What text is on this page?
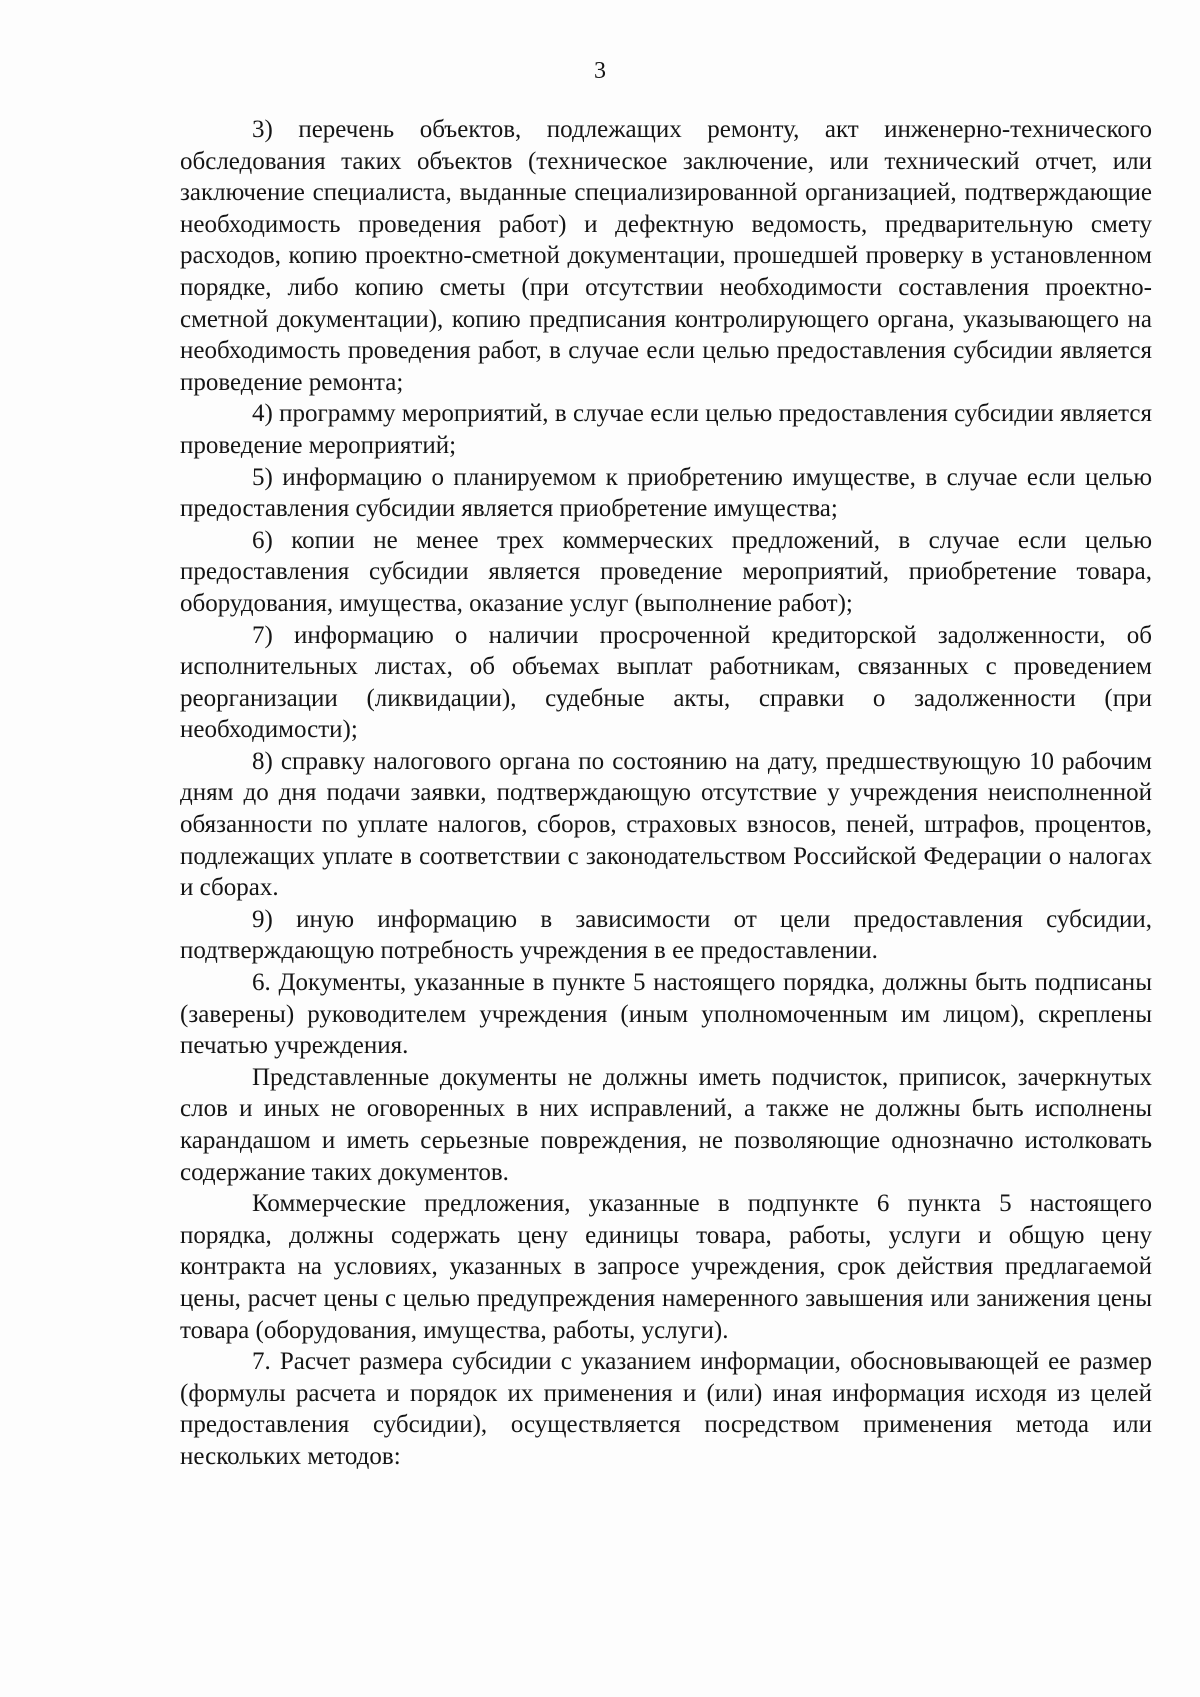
3

3) перечень объектов, подлежащих ремонту, акт инженерно-технического обследования таких объектов (техническое заключение, или технический отчет, или заключение специалиста, выданные специализированной организацией, подтверждающие необходимость проведения работ) и дефектную ведомость, предварительную смету расходов, копию проектно-сметной документации, прошедшей проверку в установленном порядке, либо копию сметы (при отсутствии необходимости составления проектно-сметной документации), копию предписания контролирующего органа, указывающего на необходимость проведения работ, в случае если целью предоставления субсидии является проведение ремонта;

4) программу мероприятий, в случае если целью предоставления субсидии является проведение мероприятий;

5) информацию о планируемом к приобретению имуществе, в случае если целью предоставления субсидии является приобретение имущества;

6) копии не менее трех коммерческих предложений, в случае если целью предоставления субсидии является проведение мероприятий, приобретение товара, оборудования, имущества, оказание услуг (выполнение работ);

7) информацию о наличии просроченной кредиторской задолженности, об исполнительных листах, об объемах выплат работникам, связанных с проведением реорганизации (ликвидации), судебные акты, справки о задолженности (при необходимости);

8) справку налогового органа по состоянию на дату, предшествующую 10 рабочим дням до дня подачи заявки, подтверждающую отсутствие у учреждения неисполненной обязанности по уплате налогов, сборов, страховых взносов, пеней, штрафов, процентов, подлежащих уплате в соответствии с законодательством Российской Федерации о налогах и сборах.

9) иную информацию в зависимости от цели предоставления субсидии, подтверждающую потребность учреждения в ее предоставлении.

6. Документы, указанные в пункте 5 настоящего порядка, должны быть подписаны (заверены) руководителем учреждения (иным уполномоченным им лицом), скреплены печатью учреждения.

Представленные документы не должны иметь подчисток, приписок, зачеркнутых слов и иных не оговоренных в них исправлений, а также не должны быть исполнены карандашом и иметь серьезные повреждения, не позволяющие однозначно истолковать содержание таких документов.

Коммерческие предложения, указанные в подпункте 6 пункта 5 настоящего порядка, должны содержать цену единицы товара, работы, услуги и общую цену контракта на условиях, указанных в запросе учреждения, срок действия предлагаемой цены, расчет цены с целью предупреждения намеренного завышения или занижения цены товара (оборудования, имущества, работы, услуги).

7. Расчет размера субсидии с указанием информации, обосновывающей ее размер (формулы расчета и порядок их применения и (или) иная информация исходя из целей предоставления субсидии), осуществляется посредством применения метода или нескольких методов:
